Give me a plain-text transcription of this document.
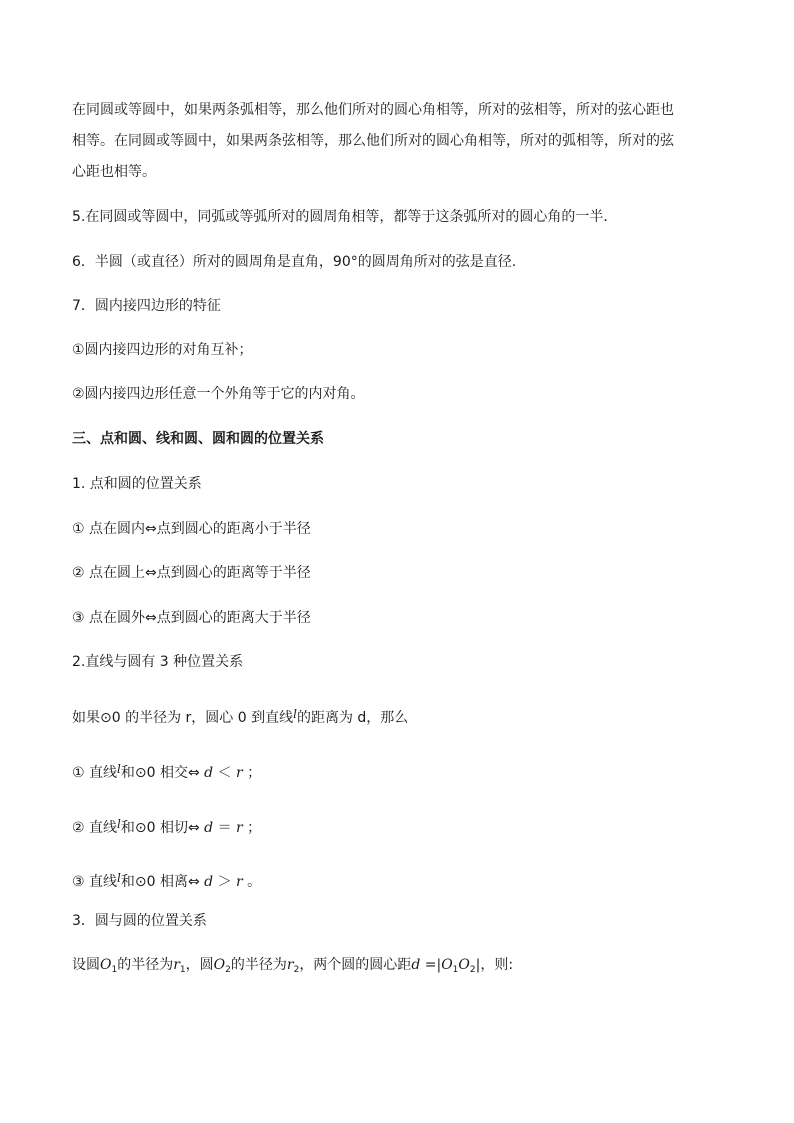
在同圆或等圆中，如果两条弧相等，那么他们所对的圆心角相等，所对的弦相等，所对的弦心距也
相等。在同圆或等圆中，如果两条弦相等，那么他们所对的圆心角相等，所对的弧相等，所对的弦
心距也相等。
5.在同圆或等圆中，同弧或等弧所对的圆周角相等，都等于这条弧所对的圆心角的一半．
6．半圆（或直径）所对的圆周角是直角，90°的圆周角所对的弦是直径.
7．圆内接四边形的特征
①圆内接四边形的对角互补；
②圆内接四边形任意一个外角等于它的内对角。
三、点和圆、线和圆、圆和圆的位置关系
1. 点和圆的位置关系
① 点在圆内⇔点到圆心的距离小于半径
② 点在圆上⇔点到圆心的距离等于半径
③ 点在圆外⇔点到圆心的距离大于半径
2.直线与圆有 3 种位置关系
如果⊙0 的半径为 r，圆心 0 到直线l的距离为 d，那么
① 直线l和⊙0 相交⇔ d ＜ r ；
② 直线l和⊙0 相切⇔ d ＝ r ；
③ 直线l和⊙0 相离⇔ d ＞ r 。
3．圆与圆的位置关系
设圆$O_1$的半径为$r_1$，圆$O_2$的半径为$r_2$，两个圆的圆心距$d =|O_1O_2|$，则:
